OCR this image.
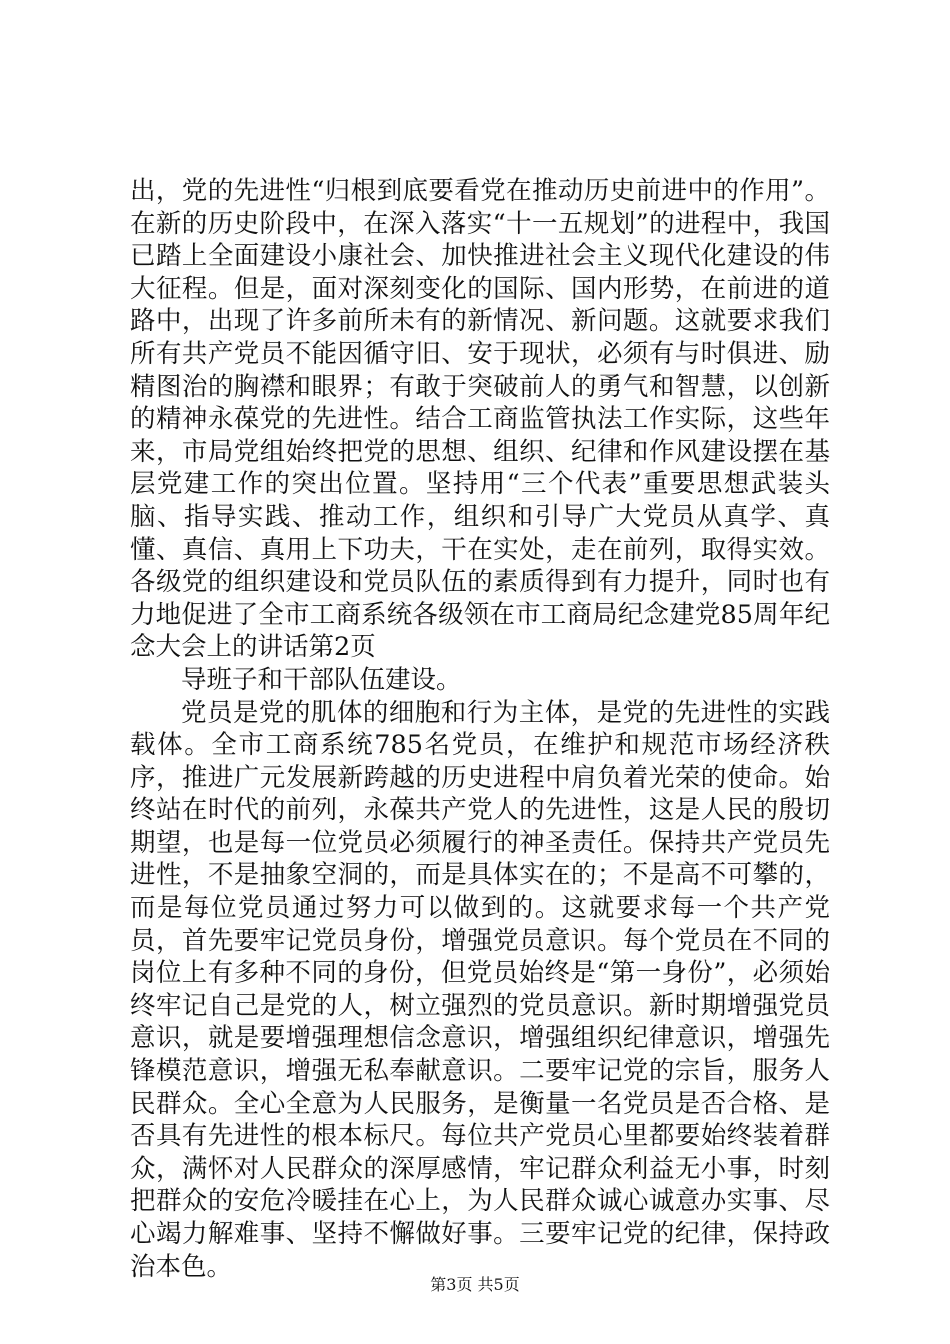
出，党的先进性“归根到底要看党在推动历史前进中的作用”。在新的历史阶段中，在深入落实“十一五规划”的进程中，我国已踏上全面建设小康社会、加快推进社会主义现代化建设的伟大征程。但是，面对深刻变化的国际、国内形势，在前进的道路中，出现了许多前所未有的新情况、新问题。这就要求我们所有共产党员不能因循守旧、安于现状，必须有与时俱进、励精图治的胸襟和眼界；有敢于突破前人的勇气和智慧，以创新的精神永葆党的先进性。结合工商监管执法工作实际，这些年来，市局党组始终把党的思想、组织、纪律和作风建设摆在基层党建工作的突出位置。坚持用“三个代表”重要思想武装头脑、指导实践、推动工作，组织和引导广大党员从真学、真懂、真信、真用上下功夫，干在实处，走在前列，取得实效。各级党的组织建设和党员队伍的素质得到有力提升，同时也有力地促进了全市工商系统各级领在市工商局纪念建党85周年纪念大会上的讲话第2页

导班子和干部队伍建设。

党员是党的肌体的细胞和行为主体，是党的先进性的实践载体。全市工商系统785名党员，在维护和规范市场经济秩序，推进广元发展新跨越的历史进程中肩负着光荣的使命。始终站在时代的前列，永葆共产党人的先进性，这是人民的殷切期望，也是每一位党员必须履行的神圣责任。保持共产党员先进性，不是抽象空洞的，而是具体实在的；不是高不可攀的，而是每位党员通过努力可以做到的。这就要求每一个共产党员，首先要牢记党员身份，增强党员意识。每个党员在不同的岗位上有多种不同的身份，但党员始终是“第一身份”，必须始终牢记自己是党的人，树立强烈的党员意识。新时期增强党员意识，就是要增强理想信念意识，增强组织纪律意识，增强先锋模范意识，增强无私奉献意识。二要牢记党的宗旨，服务人民群众。全心全意为人民服务，是衡量一名党员是否合格、是否具有先进性的根本标尺。每位共产党员心里都要始终装着群众，满怀对人民群众的深厚感情，牢记群众利益无小事，时刻把群众的安危冷暖挂在心上，为人民群众诚心诚意办实事、尽心竭力解难事、坚持不懈做好事。三要牢记党的纪律，保持政治本色。

第3页 共5页
